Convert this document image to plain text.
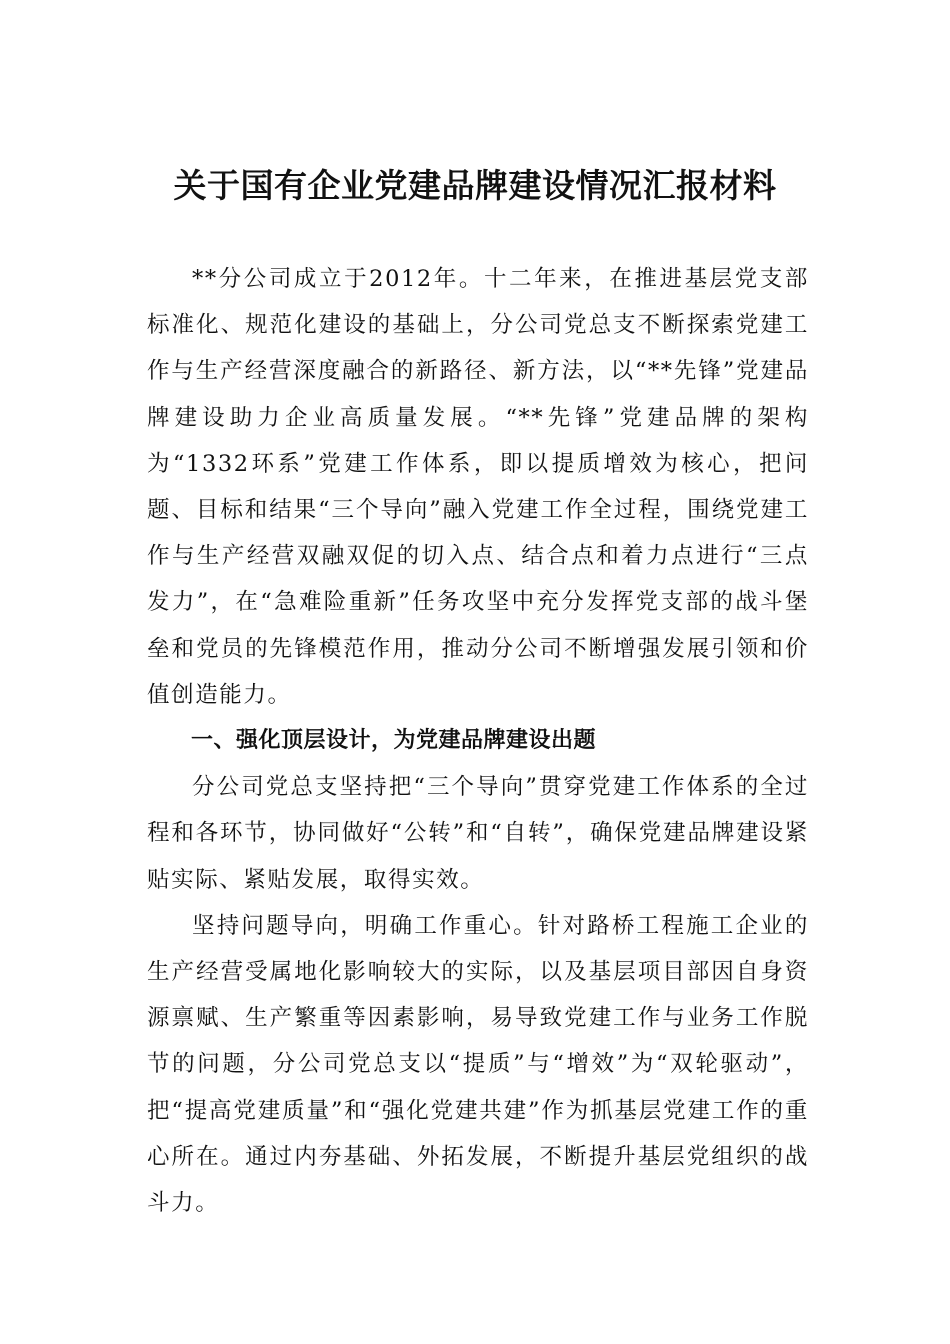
关于国有企业党建品牌建设情况汇报材料

**分公司成立于2012年。十二年来，在推进基层党支部标准化、规范化建设的基础上，分公司党总支不断探索党建工作与生产经营深度融合的新路径、新方法，以“**先锋”党建品牌建设助力企业高质量发展。“**先锋”党建品牌的架构为“1332环系”党建工作体系，即以提质增效为核心，把问题、目标和结果“三个导向”融入党建工作全过程，围绕党建工作与生产经营双融双促的切入点、结合点和着力点进行“三点发力”，在“急难险重新”任务攻坚中充分发挥党支部的战斗堡垒和党员的先锋模范作用，推动分公司不断增强发展引领和价值创造能力。

一、强化顶层设计，为党建品牌建设出题

分公司党总支坚持把“三个导向”贯穿党建工作体系的全过程和各环节，协同做好“公转”和“自转”，确保党建品牌建设紧贴实际、紧贴发展，取得实效。

坚持问题导向，明确工作重心。针对路桥工程施工企业的生产经营受属地化影响较大的实际，以及基层项目部因自身资源禀赋、生产繁重等因素影响，易导致党建工作与业务工作脱节的问题，分公司党总支以“提质”与“增效”为“双轮驱动”，把“提高党建质量”和“强化党建共建”作为抓基层党建工作的重心所在。通过内夯基础、外拓发展，不断提升基层党组织的战斗力。
